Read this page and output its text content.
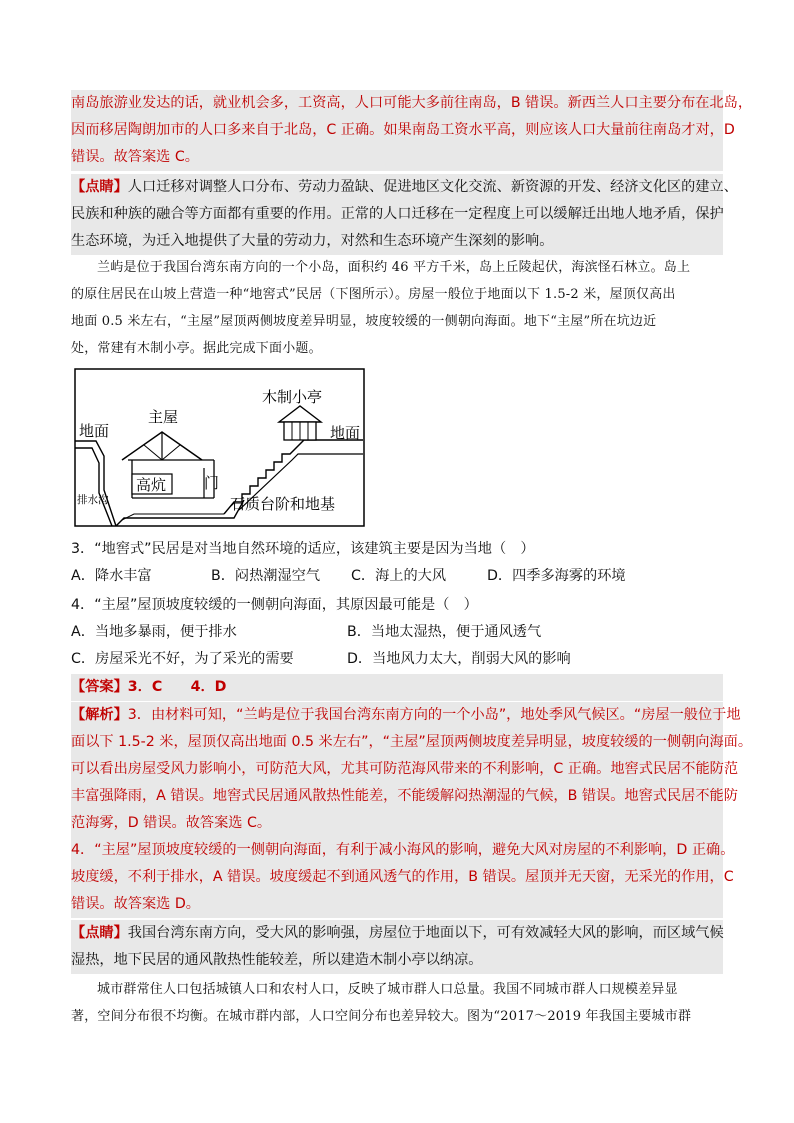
南岛旅游业发达的话，就业机会多，工资高，人口可能大多前往南岛，B 错误。新西兰人口主要分布在北岛，
因而移居陶朗加市的人口多来自于北岛，C 正确。如果南岛工资水平高，则应该人口大量前往南岛才对，D
错误。故答案选 C。
【点睛】人口迁移对调整人口分布、劳动力盈缺、促进地区文化交流、新资源的开发、经济文化区的建立、
民族和种族的融合等方面都有重要的作用。正常的人口迁移在一定程度上可以缓解迁出地人地矛盾，保护
生态环境，为迁入地提供了大量的劳动力，对然和生态环境产生深刻的影响。
兰屿是位于我国台湾东南方向的一个小岛，面积约 46 平方千米，岛上丘陵起伏，海滨怪石林立。岛上
的原住居民在山坡上营造一种“地窖式”民居（下图所示）。房屋一般位于地面以下 1.5-2 米，屋顶仅高出
地面 0.5 米左右，“主屋”屋顶两侧坡度差异明显，坡度较缓的一侧朝向海面。地下“主屋”所在坑边近
处，常建有木制小亭。据此完成下面小题。
地面	地面
主屋
木制小亭
高炕	门
排水沟	石质台阶和地基
3．“地窖式”民居是对当地自然环境的适应，该建筑主要是因为当地（　）
A．降水丰富	B．闷热潮湿空气	C．海上的大风	D．四季多海雾的环境
4．“主屋”屋顶坡度较缓的一侧朝向海面，其原因最可能是（　）
A．当地多暴雨，便于排水	B．当地太湿热，便于通风透气
C．房屋采光不好，为了采光的需要	D．当地风力太大，削弱大风的影响
【答案】3．C　　4．D
【解析】3．由材料可知，“兰屿是位于我国台湾东南方向的一个小岛”，地处季风气候区。“房屋一般位于地
面以下 1.5-2 米，屋顶仅高出地面 0.5 米左右”，“主屋”屋顶两侧坡度差异明显，坡度较缓的一侧朝向海面。
可以看出房屋受风力影响小，可防范大风，尤其可防范海风带来的不利影响，C 正确。地窖式民居不能防范
丰富强降雨，A 错误。地窖式民居通风散热性能差，不能缓解闷热潮湿的气候，B 错误。地窖式民居不能防
范海雾，D 错误。故答案选 C。
4．“主屋”屋顶坡度较缓的一侧朝向海面，有利于减小海风的影响，避免大风对房屋的不利影响，D 正确。
坡度缓，不利于排水，A 错误。坡度缓起不到通风透气的作用，B 错误。屋顶并无天窗，无采光的作用，C
错误。故答案选 D。
【点睛】我国台湾东南方向，受大风的影响强，房屋位于地面以下，可有效减轻大风的影响，而区域气候
湿热，地下民居的通风散热性能较差，所以建造木制小亭以纳凉。
城市群常住人口包括城镇人口和农村人口，反映了城市群人口总量。我国不同城市群人口规模差异显
著，空间分布很不均衡。在城市群内部，人口空间分布也差异较大。图为“2017～2019 年我国主要城市群
